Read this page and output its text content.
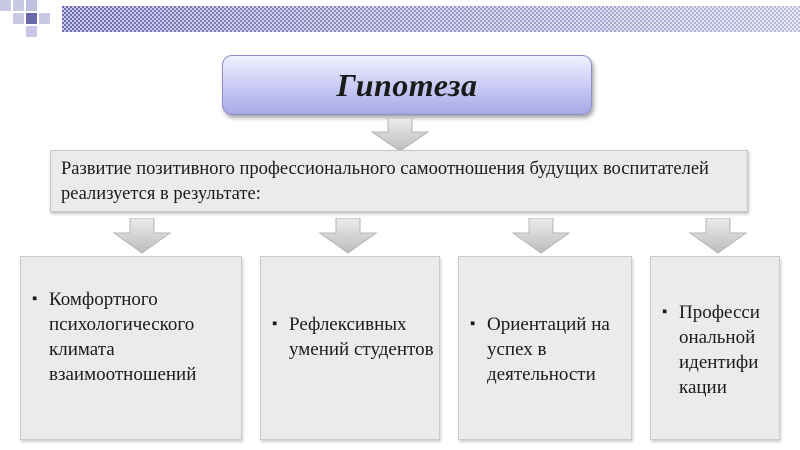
Гипотеза
Развитие позитивного профессионального самоотношения будущих воспитателей реализуется в результате:
▪ Комфортного психологического климата взаимоотношений
▪ Рефлексивных умений студентов
▪ Ориентаций на успех в деятельности
▪ Професси ональной идентифи кации
